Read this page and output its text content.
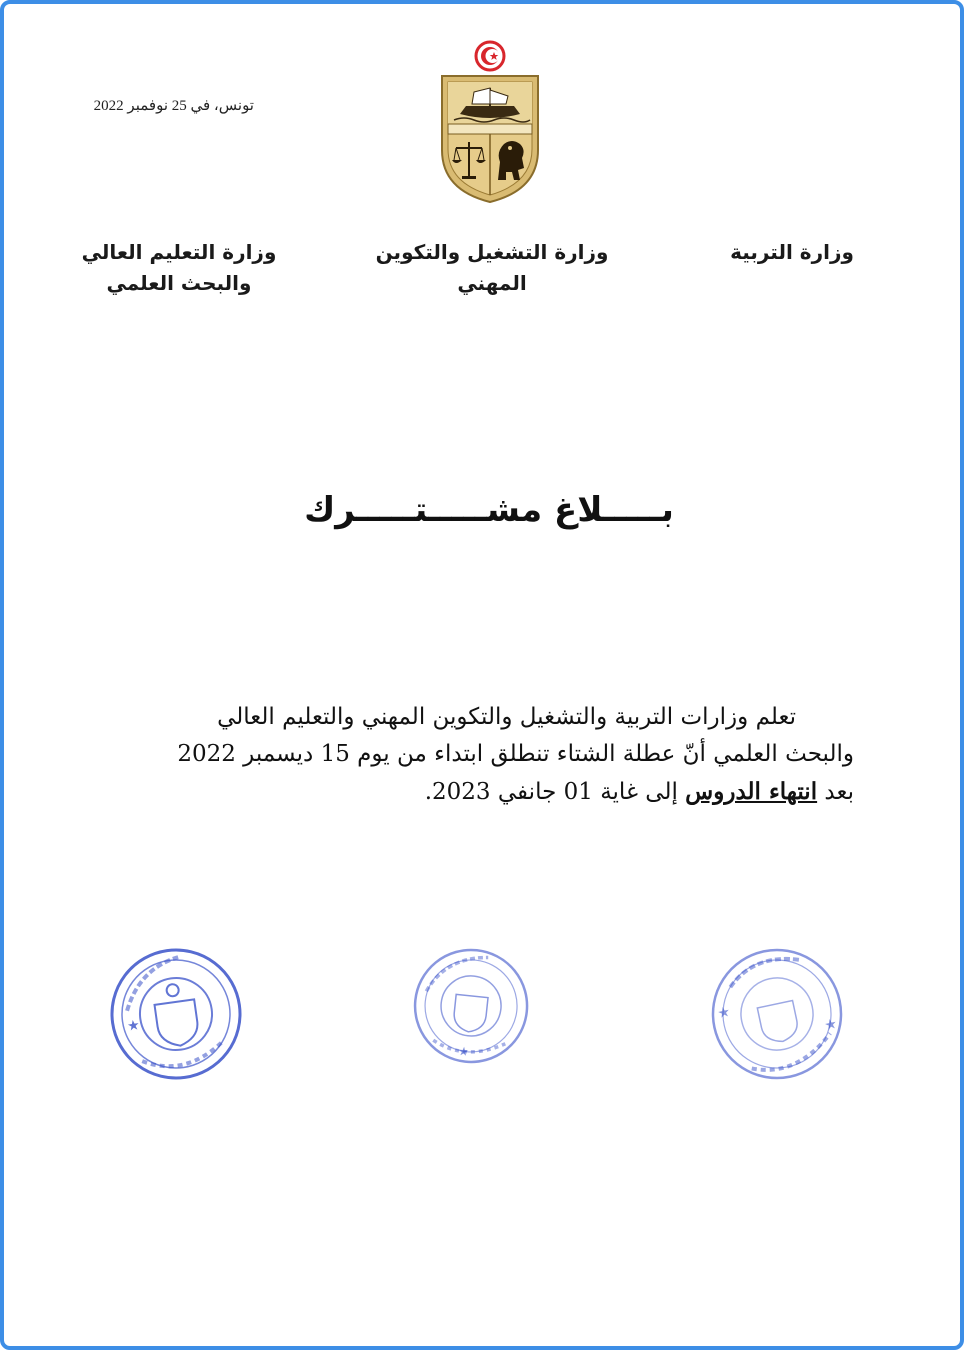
تونس، في 25 نوفمبر 2022
وزارة التربية
وزارة التشغيل والتكوين
المهني
وزارة التعليم العالي
والبحث العلمي
بـــــلاغ مشـــــتـــــرك
تعلم وزارات التربية والتشغيل والتكوين المهني والتعليم العالي
والبحث العلمي أنّ عطلة الشتاء تنطلق ابتداء من يوم 15 ديسمبر 2022
بعد انتهاء الدروس إلى غاية 01 جانفي 2023.
★
★
★
★
